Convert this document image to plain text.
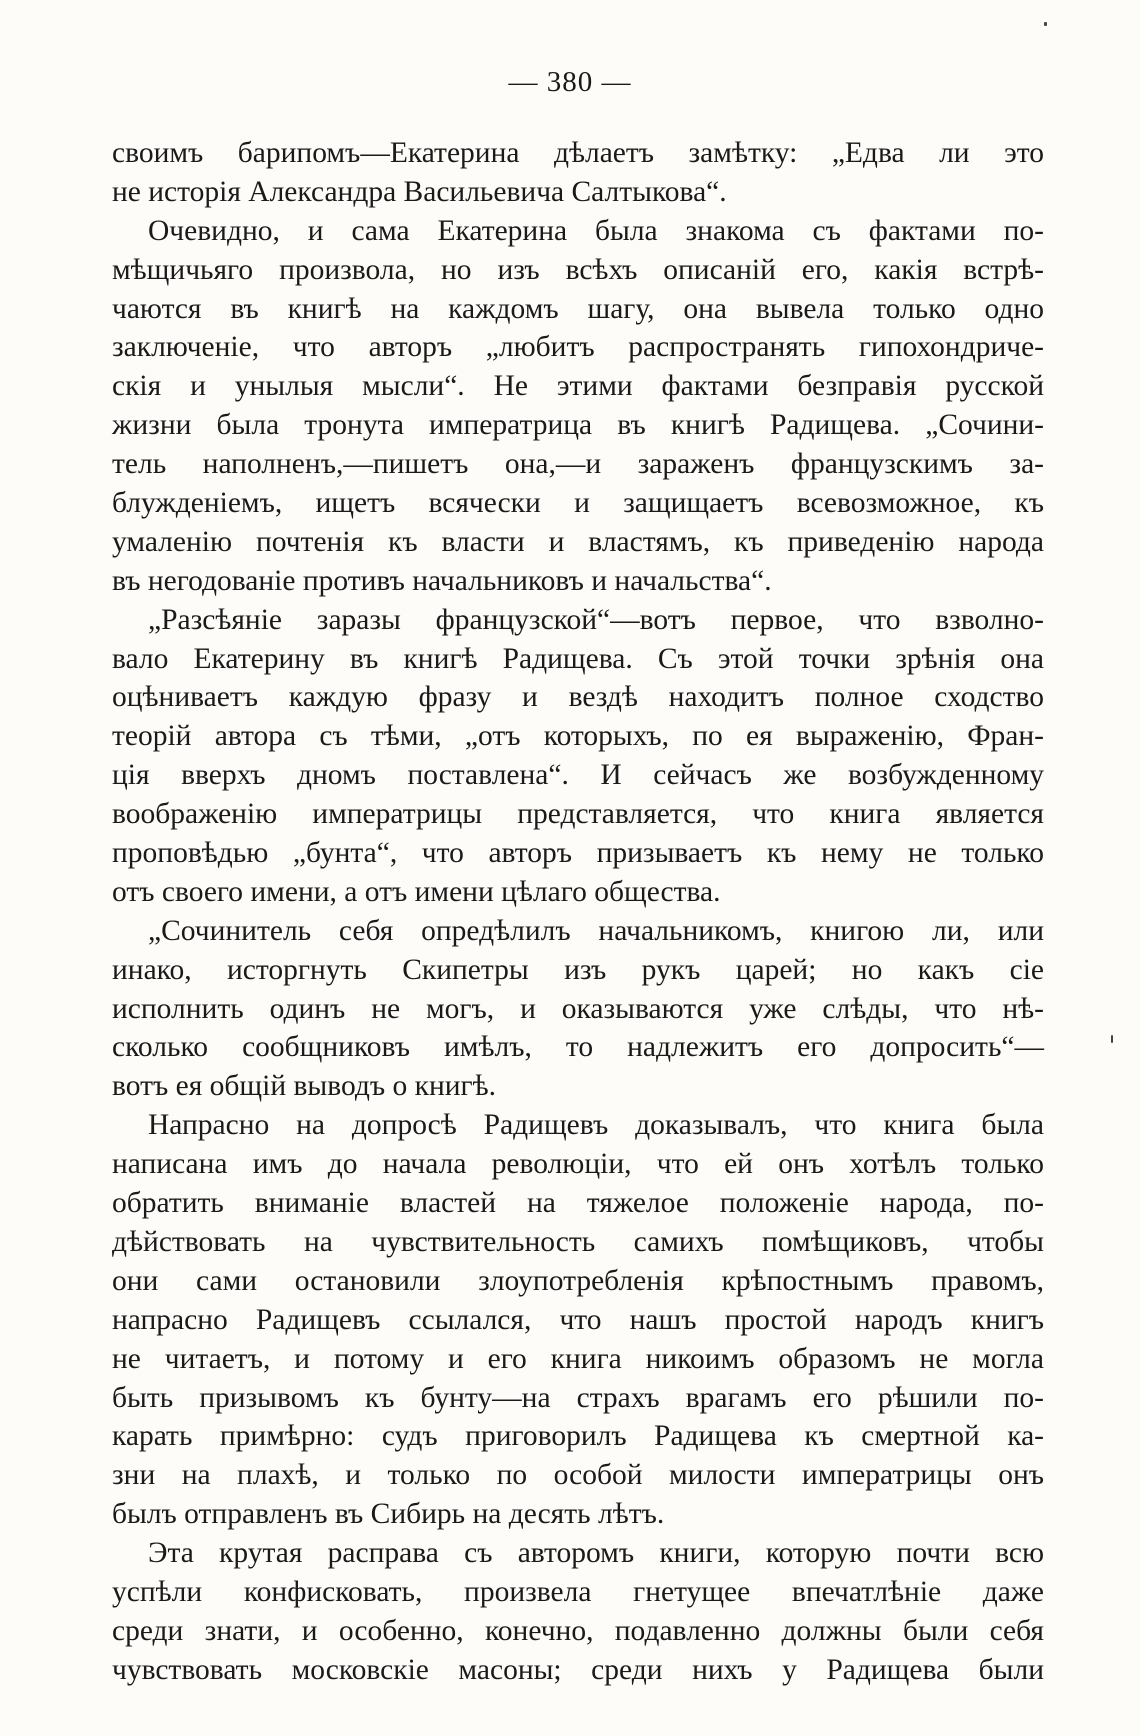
— 380 —
своимъ барипомъ—Екатерина дѣлаетъ замѣтку: „Едва ли это
не исторія Александра Васильевича Салтыкова“.
Очевидно, и сама Екатерина была знакома съ фактами по-
мѣщичьяго произвола, но изъ всѣхъ описаній его, какія встрѣ-
чаются въ книгѣ на каждомъ шагу, она вывела только одно
заключеніе, что авторъ „любитъ распространять гипохондриче-
скія и унылыя мысли“. Не этими фактами безправія русской
жизни была тронута императрица въ книгѣ Радищева. „Сочини-
тель наполненъ,—пишетъ она,—и зараженъ французскимъ за-
блужденіемъ, ищетъ всячески и защищаетъ всевозможное, къ
умаленію почтенія къ власти и властямъ, къ приведенію народа
въ негодованіе противъ начальниковъ и начальства“.
„Разсѣяніе заразы французской“—вотъ первое, что взволно-
вало Екатерину въ книгѣ Радищева. Съ этой точки зрѣнія она
оцѣниваетъ каждую фразу и вездѣ находитъ полное сходство
теорій автора съ тѣми, „отъ которыхъ, по ея выраженію, Фран-
ція вверхъ дномъ поставлена“. И сейчасъ же возбужденному
воображенію императрицы представляется, что книга является
проповѣдью „бунта“, что авторъ призываетъ къ нему не только
отъ своего имени, а отъ имени цѣлаго общества.
„Сочинитель себя опредѣлилъ начальникомъ, книгою ли, или
инако, исторгнуть Скипетры изъ рукъ царей; но какъ сіе
исполнить одинъ не могъ, и оказываются уже слѣды, что нѣ-
сколько сообщниковъ имѣлъ, то надлежитъ его допросить“—
вотъ ея общій выводъ о книгѣ.
Напрасно на допросѣ Радищевъ доказывалъ, что книга была
написана имъ до начала революціи, что ей онъ хотѣлъ только
обратить вниманіе властей на тяжелое положеніе народа, по-
дѣйствовать на чувствительность самихъ помѣщиковъ, чтобы
они сами остановили злоупотребленія крѣпостнымъ правомъ,
напрасно Радищевъ ссылался, что нашъ простой народъ книгъ
не читаетъ, и потому и его книга никоимъ образомъ не могла
быть призывомъ къ бунту—на страхъ врагамъ его рѣшили по-
карать примѣрно: судъ приговорилъ Радищева къ смертной ка-
зни на плахѣ, и только по особой милости императрицы онъ
былъ отправленъ въ Сибирь на десять лѣтъ.
Эта крутая расправа съ авторомъ книги, которую почти всю
успѣли конфисковать, произвела гнетущее впечатлѣніе даже
среди знати, и особенно, конечно, подавленно должны были себя
чувствовать московскіе масоны; среди нихъ у Радищева были
